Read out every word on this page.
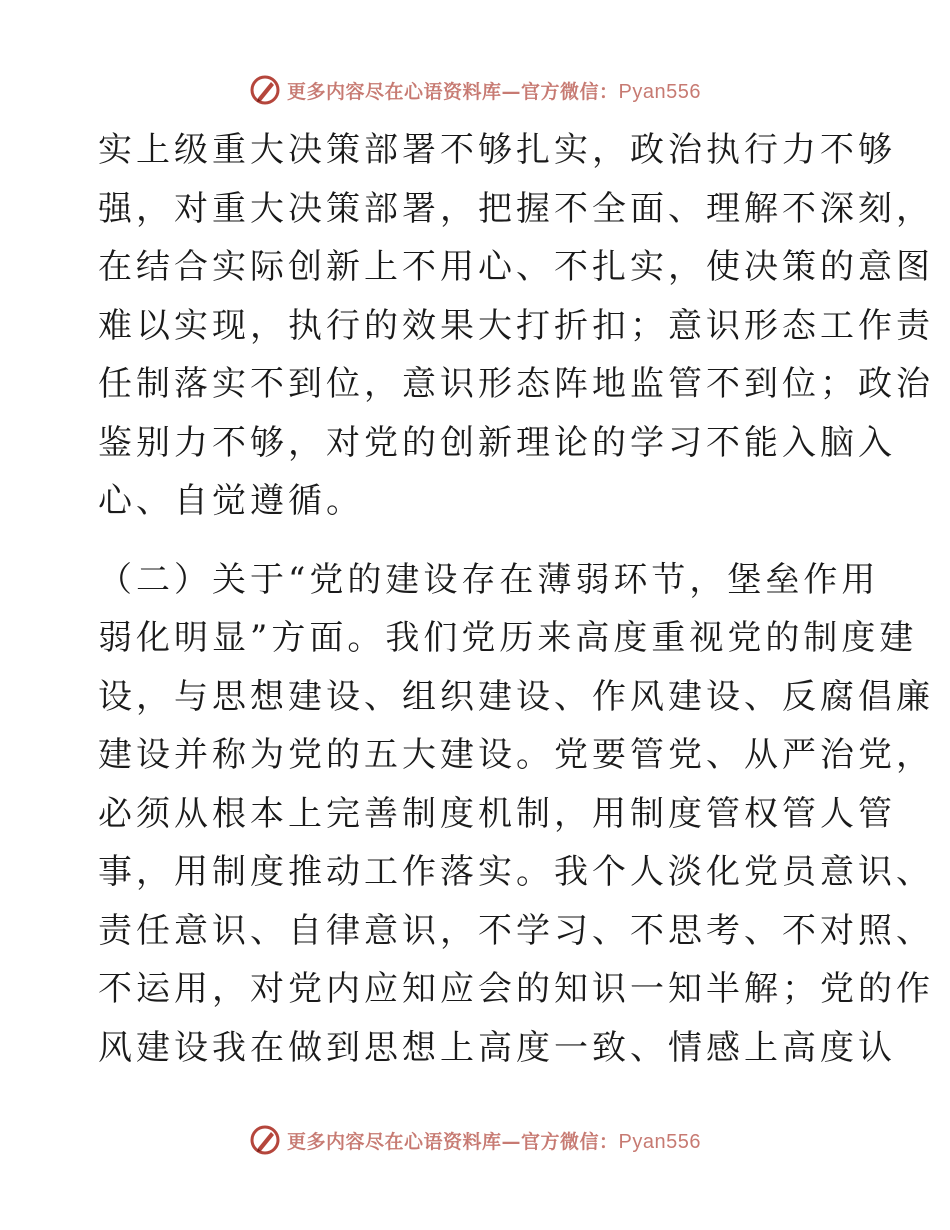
更多内容尽在心语资料库—官方微信：Pyan556
实上级重大决策部署不够扎实，政治执行力不够
强，对重大决策部署，把握不全面、理解不深刻，
在结合实际创新上不用心、不扎实，使决策的意图
难以实现，执行的效果大打折扣；意识形态工作责
任制落实不到位，意识形态阵地监管不到位；政治
鉴别力不够，对党的创新理论的学习不能入脑入
心、自觉遵循。
（二）关于“党的建设存在薄弱环节，堡垒作用
弱化明显”方面。我们党历来高度重视党的制度建
设，与思想建设、组织建设、作风建设、反腐倡廉
建设并称为党的五大建设。党要管党、从严治党，
必须从根本上完善制度机制，用制度管权管人管
事，用制度推动工作落实。我个人淡化党员意识、
责任意识、自律意识，不学习、不思考、不对照、
不运用，对党内应知应会的知识一知半解；党的作
风建设我在做到思想上高度一致、情感上高度认
更多内容尽在心语资料库—官方微信：Pyan556
